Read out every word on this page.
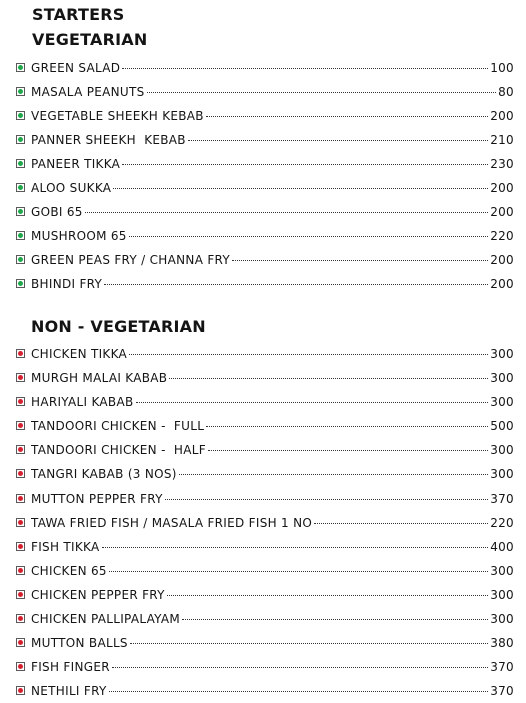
STARTERS
VEGETARIAN
GREEN SALAD	100
MASALA PEANUTS	80
VEGETABLE SHEEKH KEBAB	200
PANNER SHEEKH  KEBAB	210
PANEER TIKKA	230
ALOO SUKKA	200
GOBI 65	200
MUSHROOM 65	220
GREEN PEAS FRY / CHANNA FRY	200
BHINDI FRY	200
NON - VEGETARIAN
CHICKEN TIKKA	300
MURGH MALAI KABAB	300
HARIYALI KABAB	300
TANDOORI CHICKEN -  FULL	500
TANDOORI CHICKEN -  HALF	300
TANGRI KABAB (3 NOS)	300
MUTTON PEPPER FRY	370
TAWA FRIED FISH / MASALA FRIED FISH 1 NO	220
FISH TIKKA	400
CHICKEN 65	300
CHICKEN PEPPER FRY	300
CHICKEN PALLIPALAYAM	300
MUTTON BALLS	380
FISH FINGER	370
NETHILI FRY	370
